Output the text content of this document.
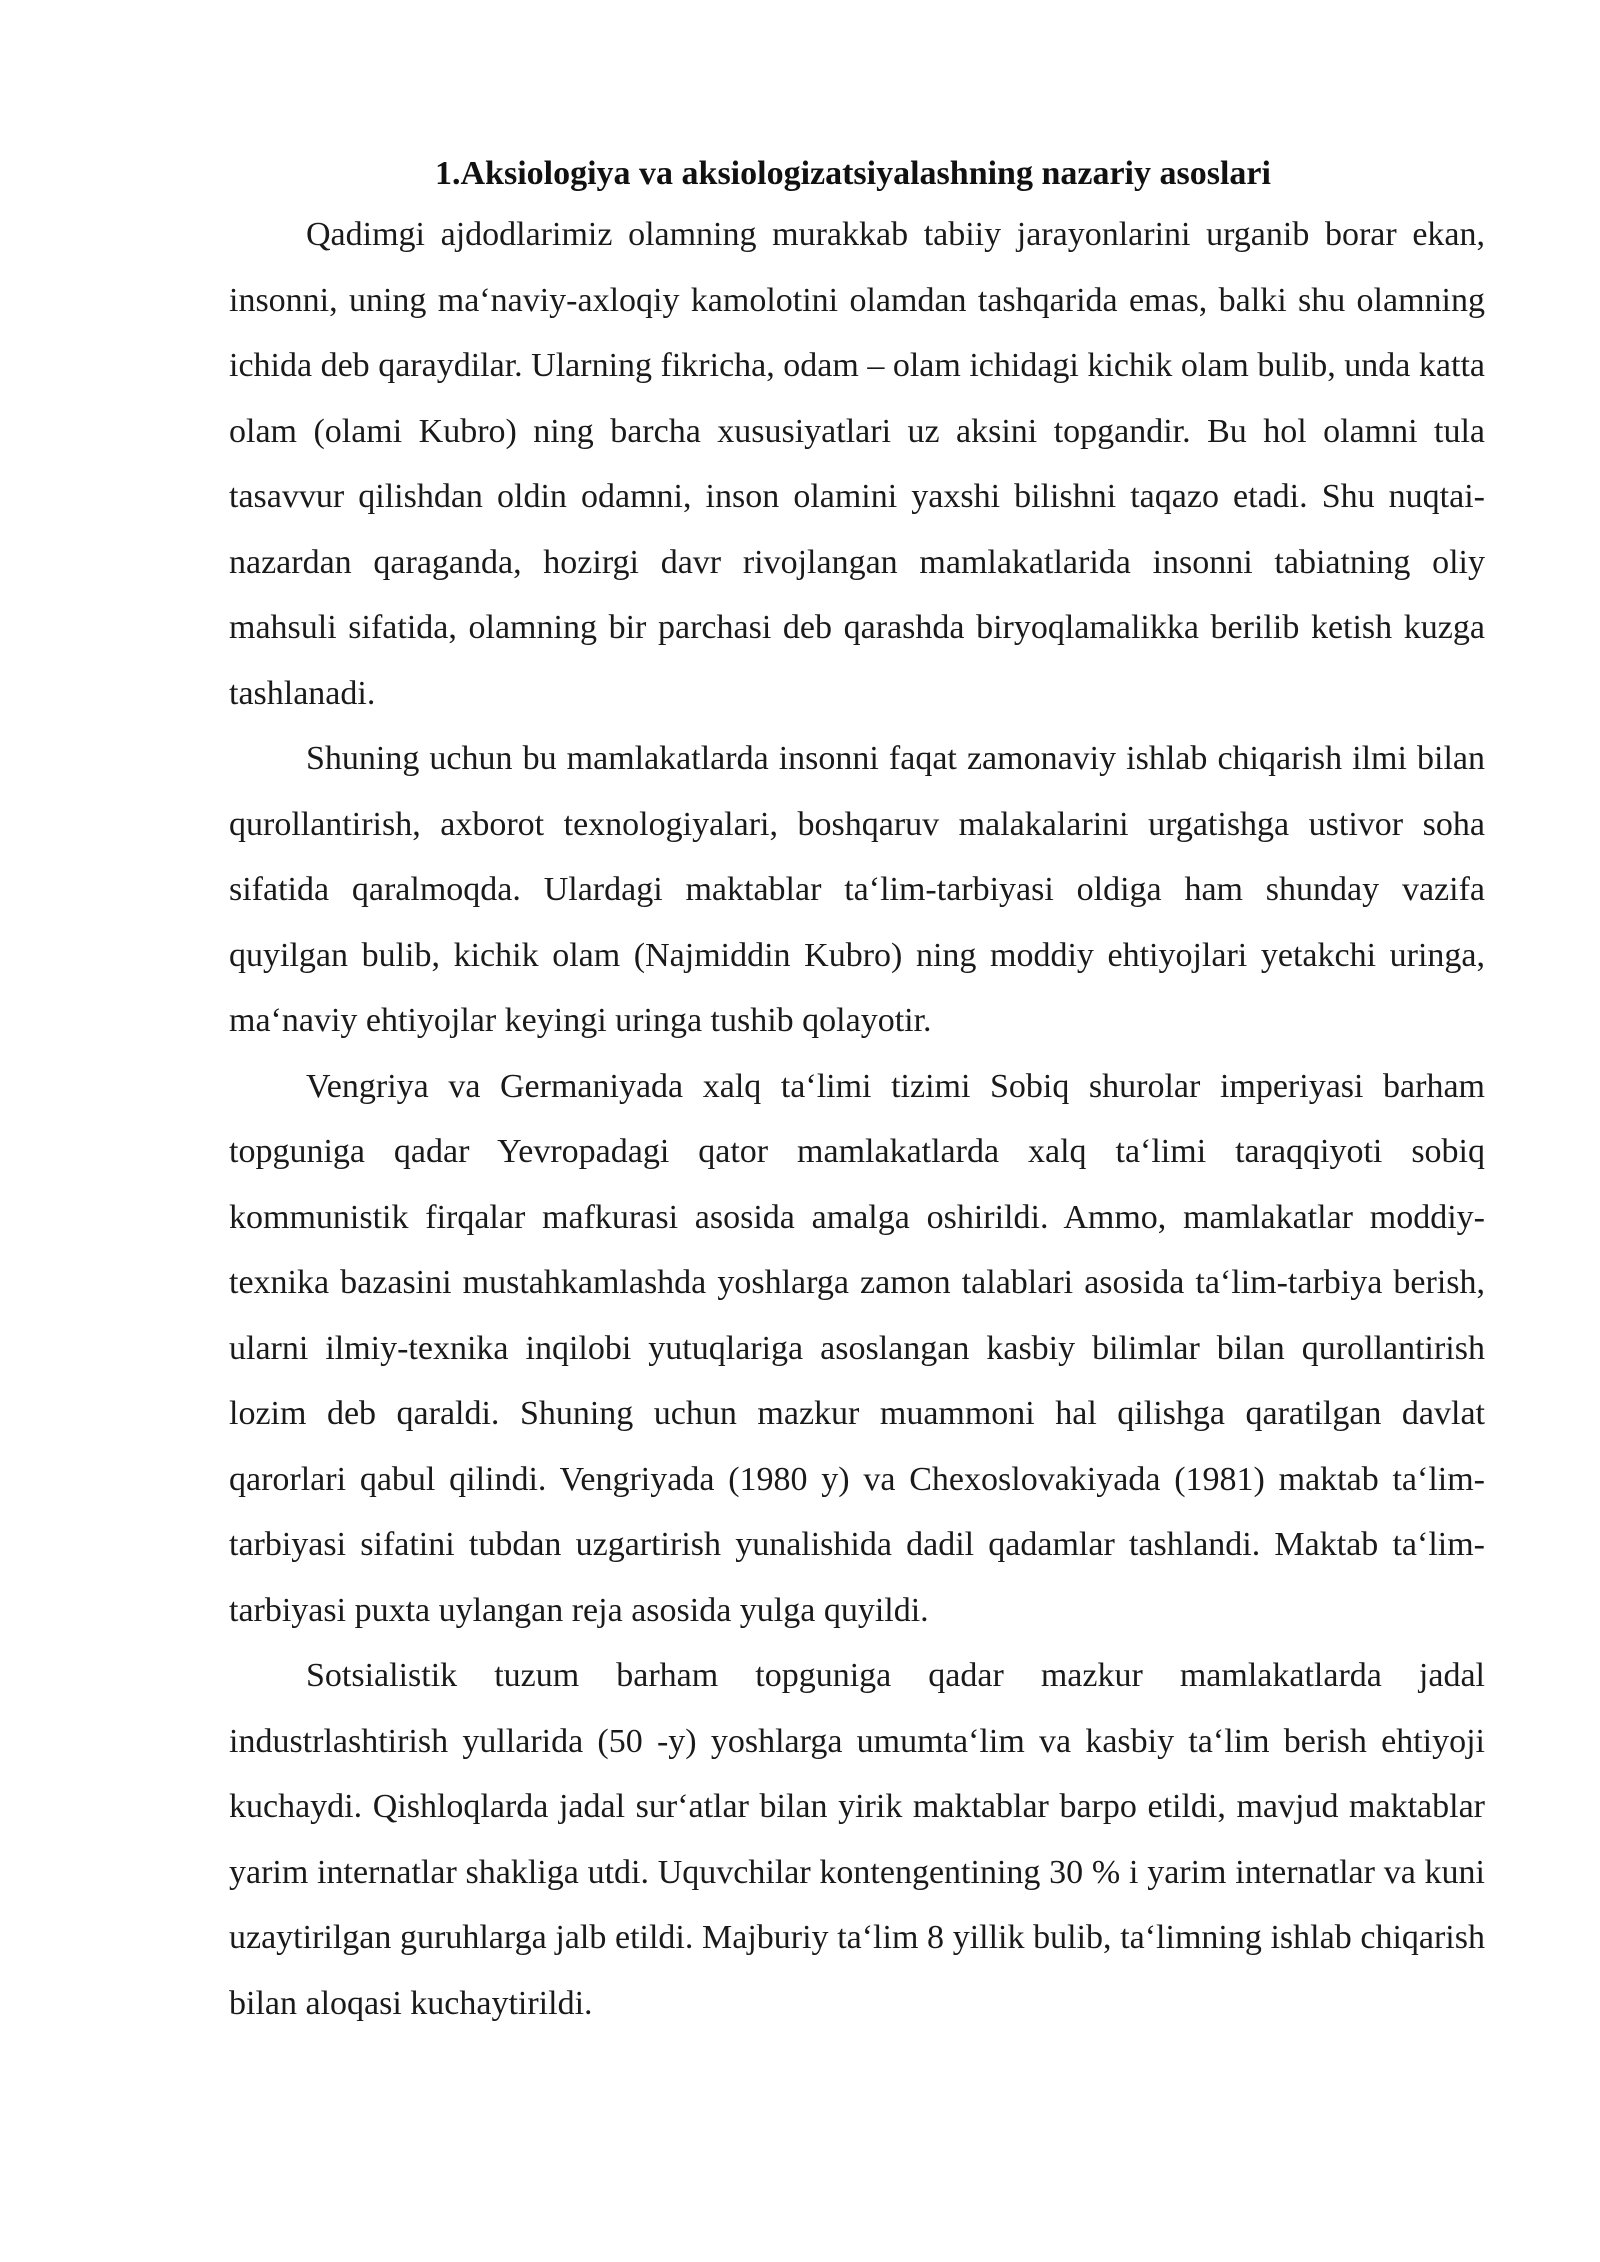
1.Aksiologiya va aksiologizatsiyalashning nazariy asoslari

Qadimgi ajdodlarimiz olamning murakkab tabiiy jarayonlarini urganib borar ekan, insonni, uning ma‘naviy-axloqiy kamolotini olamdan tashqarida emas, balki shu olamning ichida deb qaraydilar. Ularning fikricha, odam – olam ichidagi kichik olam bulib, unda katta olam (olami Kubro) ning barcha xususiyatlari uz aksini topgandir. Bu hol olamni tula tasavvur qilishdan oldin odamni, inson olamini yaxshi bilishni taqazo etadi. Shu nuqtai-nazardan qaraganda, hozirgi davr rivojlangan mamlakatlarida insonni tabiatning oliy mahsuli sifatida, olamning bir parchasi deb qarashda biryoqlamalikka berilib ketish kuzga tashlanadi.

Shuning uchun bu mamlakatlarda insonni faqat zamonaviy ishlab chiqarish ilmi bilan qurollantirish, axborot texnologiyalari, boshqaruv malakalarini urgatishga ustivor soha sifatida qaralmoqda. Ulardagi maktablar ta‘lim-tarbiyasi oldiga ham shunday vazifa quyilgan bulib, kichik olam (Najmiddin Kubro) ning moddiy ehtiyojlari yetakchi uringa, ma‘naviy ehtiyojlar keyingi uringa tushib qolayotir.

Vengriya va Germaniyada xalq ta‘limi tizimi Sobiq shurolar imperiyasi barham topguniga qadar Yevropadagi qator mamlakatlarda xalq ta‘limi taraqqiyoti sobiq kommunistik firqalar mafkurasi asosida amalga oshirildi. Ammo, mamlakatlar moddiy-texnika bazasini mustahkamlashda yoshlarga zamon talablari asosida ta‘lim-tarbiya berish, ularni ilmiy-texnika inqilobi yutuqlariga asoslangan kasbiy bilimlar bilan qurollantirish lozim deb qaraldi. Shuning uchun mazkur muammoni hal qilishga qaratilgan davlat qarorlari qabul qilindi. Vengriyada (1980 y) va Chexoslovakiyada (1981) maktab ta‘lim-tarbiyasi sifatini tubdan uzgartirish yunalishida dadil qadamlar tashlandi. Maktab ta‘lim-tarbiyasi puxta uylangan reja asosida yulga quyildi.

Sotsialistik tuzum barham topguniga qadar mazkur mamlakatlarda jadal industrlashtirish yullarida (50 -y) yoshlarga umumta‘lim va kasbiy ta‘lim berish ehtiyoji kuchaydi. Qishloqlarda jadal sur‘atlar bilan yirik maktablar barpo etildi, mavjud maktablar yarim internatlar shakliga utdi. Uquvchilar kontengentining 30 % i yarim internatlar va kuni uzaytirilgan guruhlarga jalb etildi. Majburiy ta‘lim 8 yillik bulib, ta‘limning ishlab chiqarish bilan aloqasi kuchaytirildi.
